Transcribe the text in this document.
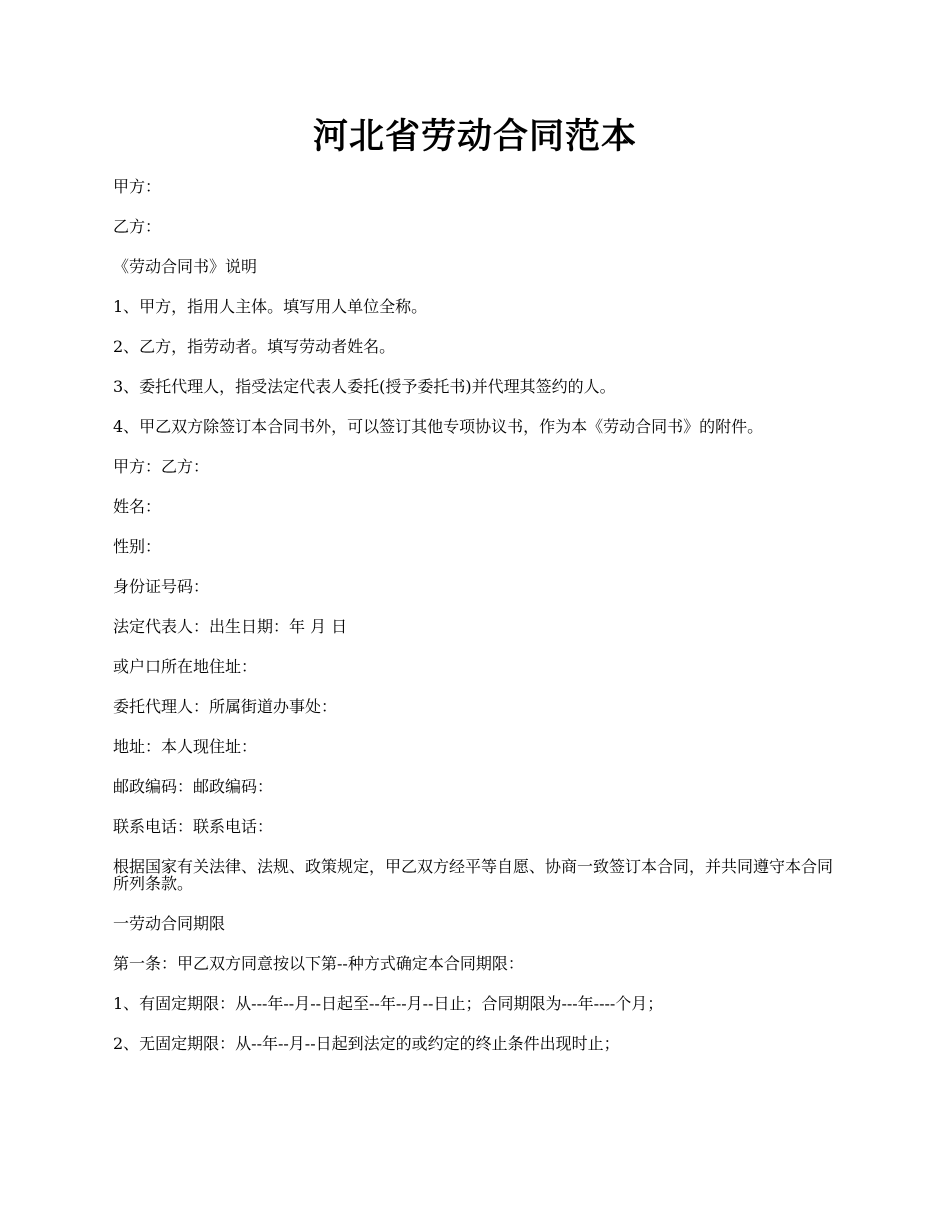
河北省劳动合同范本

甲方：

乙方：

《劳动合同书》说明

1、甲方，指用人主体。填写用人单位全称。

2、乙方，指劳动者。填写劳动者姓名。

3、委托代理人，指受法定代表人委托(授予委托书)并代理其签约的人。

4、甲乙双方除签订本合同书外，可以签订其他专项协议书，作为本《劳动合同书》的附件。

甲方：乙方：

姓名：

性别：

身份证号码：

法定代表人：出生日期：年 月 日

或户口所在地住址：

委托代理人：所属街道办事处：

地址：本人现住址：

邮政编码：邮政编码：

联系电话：联系电话：

根据国家有关法律、法规、政策规定，甲乙双方经平等自愿、协商一致签订本合同，并共同遵守本合同所列条款。

一劳动合同期限

第一条：甲乙双方同意按以下第--种方式确定本合同期限：

1、有固定期限：从---年--月--日起至--年--月--日止；合同期限为---年----个月；

2、无固定期限：从--年--月--日起到法定的或约定的终止条件出现时止；
